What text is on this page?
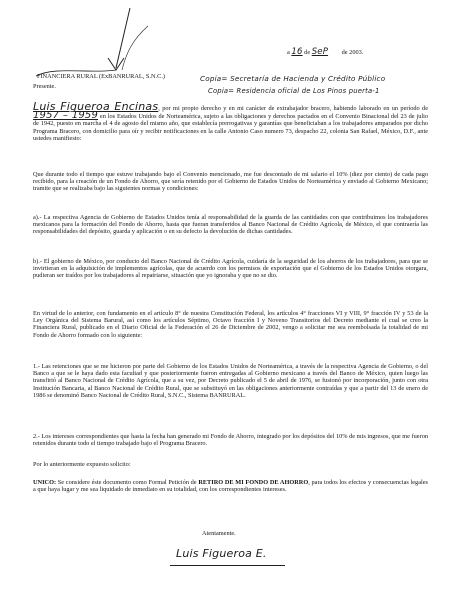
a 16 de SeP de 2003.
FINANCIERA RURAL (ExBANRURAL, S.N.C.)
Presente.
Copia= Secretaría de Hacienda y Crédito Público
Copia= Residencia oficial de Los Pinos puerta-1
Luis Figueroa Encinas, por mi propio derecho y en mi carácter de extrabajador bracero, habiendo laborado en un período de 1957 – 1959 en los Estados Unidos de Norteamérica, sujeto a las obligaciones y derechos pactados en el Convenio Binacional del 23 de julio de 1942, puesto en marcha el 4 de agosto del mismo año, que establecía prerrogativas y garantías que beneficiaban a los trabajadores amparados por dicho Programa Bracero, con domicilio para oír y recibir notificaciones en la calle Antonio Caso numero 73, despacho 22, colonia San Rafael, México, D.F., ante ustedes manifiesto:
Que durante todo el tiempo que estuve trabajando bajo el Convenio mencionado, me fue descontado de mi salario el 10% (diez por ciento) de cada pago recibido, para la creación de un Fondo de Ahorro, que sería retenido por el Gobierno de Estados Unidos de Norteamérica y enviado al Gobierno Mexicano; tramite que se realizaba bajo las siguientes normas y condiciones:
a).- La respectiva Agencia de Gobierno de Estados Unidos tenía al responsabilidad de la guarda de las cantidades con que contribuimos los trabajadores mexicanos para la formación del Fondo de Ahorro, hasta que fueran transferidos al Banco Nacional de Crédito Agrícola, de México, el que contraería las responsabilidades del depósito, guarda y aplicación o en su defecto la devolución de dichas cantidades.
b).- El gobierno de México, por conducto del Banco Nacional de Crédito Agrícola, cuidaría de la seguridad de los ahorros de los trabajadores, para que se invirtieran en la adquisición de implementos agrícolas, que de acuerdo con los permisos de exportación que el Gobierno de los Estados Unidos otorgara, pudieran ser traídos por los trabajadores al repatriarse, situación que yo ignoraba y que no se dio.
En virtud de lo anterior, con fundamento en el artículo 8° de nuestra Constitución Federal, los artículos 4° fracciones VI y VIII, 9° fracción IV y 53 de la Ley Orgánica del Sistema Barural, así como los artículos Séptimo, Octavo fracción I y Noveno Transitorios del Decreto mediante el cual se creo la Financiera Rural, publicado en el Diario Oficial de la Federación el 26 de Diciembre de 2002, vengo a solicitar me sea reembolsada la totalidad de mi Fondo de Ahorro formado con lo siguiente:
1.- Las retenciones que se me hicieron por parte del Gobierno de los Estados Unidos de Norteamérica, a través de la respectiva Agencia de Gobierno, o del Banco a que se le haya dado esta facultad y que posteriormente fueron entregadas al Gobierno mexicano a través del Banco de México, quien luego las transfirió al Banco Nacional de Crédito Agrícola, que a su vez, por Decreto publicado el 5 de abril de 1976, se fusionó por incorporación, junto con otra Institución Bancaria, al Banco Nacional de Crédito Rural, que se substituyó en las obligaciones anteriormente contraídas y que a partir del 13 de enero de 1986 se denominó Banco Nacional de Crédito Rural, S.N.C., Sistema BANRURAL.
2.- Los intereses correspondientes que hasta la fecha han generado mi Fondo de Ahorro, integrado por los depósitos del 10% de mis ingresos, que me fueron retenidos durante todo el tiempo trabajado bajo el Programa Bracero.
Por lo anteriormente expuesto solicito:
UNICO: Se considere éste documento como Formal Petición de RETIRO DE MI FONDO DE AHORRO, para todos los efectos y consecuencias legales a que haya lugar y me sea liquidado de inmediato en su totalidad, con los correspondientes intereses.
Atentamente.
Luis Figueroa E.
